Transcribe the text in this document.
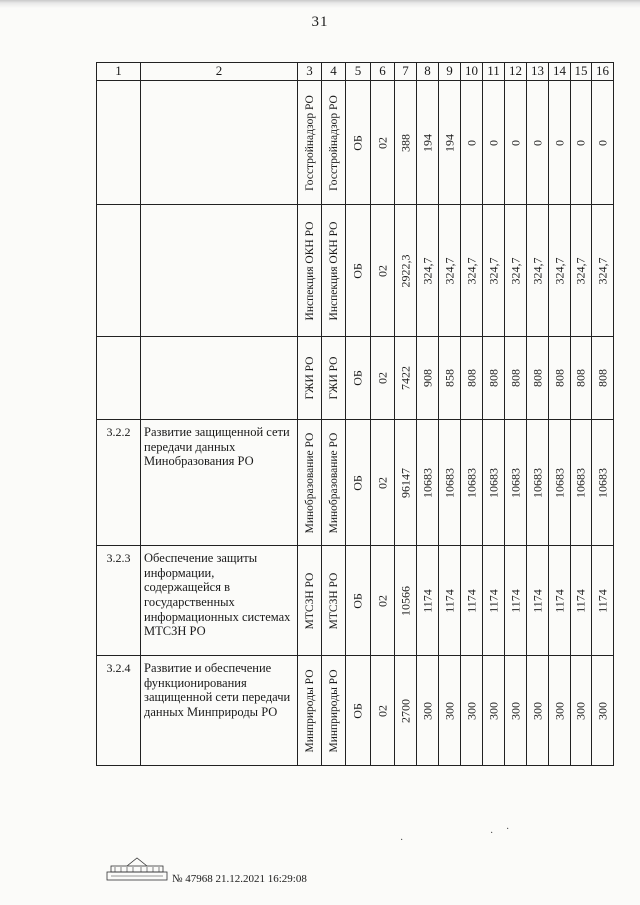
31
1	2	3	4	5	6	7	8	9	10	11	12	13	14	15	16

		Госстройнадзор РО	Госстройнадзор РО	ОБ	02	388	194	194	0	0	0	0	0	0	0

		Инспекция ОКН РО	Инспекция ОКН РО	ОБ	02	2922,3	324,7	324,7	324,7	324,7	324,7	324,7	324,7	324,7	324,7

		ГЖИ РО	ГЖИ РО	ОБ	02	7422	908	858	808	808	808	808	808	808	808

3.2.2	Развитие защищенной сети передачи данных Минобразования РО	Минобразование РО	Минобразование РО	ОБ	02	96147	10683	10683	10683	10683	10683	10683	10683	10683	10683

3.2.3	Обеспечение защиты информации, содержащейся в государственных информационных системах МТСЗН РО	МТСЗН РО	МТСЗН РО	ОБ	02	10566	1174	1174	1174	1174	1174	1174	1174	1174	1174

3.2.4	Развитие и обеспечение функционирования защищенной сети передачи данных Минприроды РО	Минприроды РО	Минприроды РО	ОБ	02	2700	300	300	300	300	300	300	300	300	300
№ 47968 21.12.2021 16:29:08
·
· ·
